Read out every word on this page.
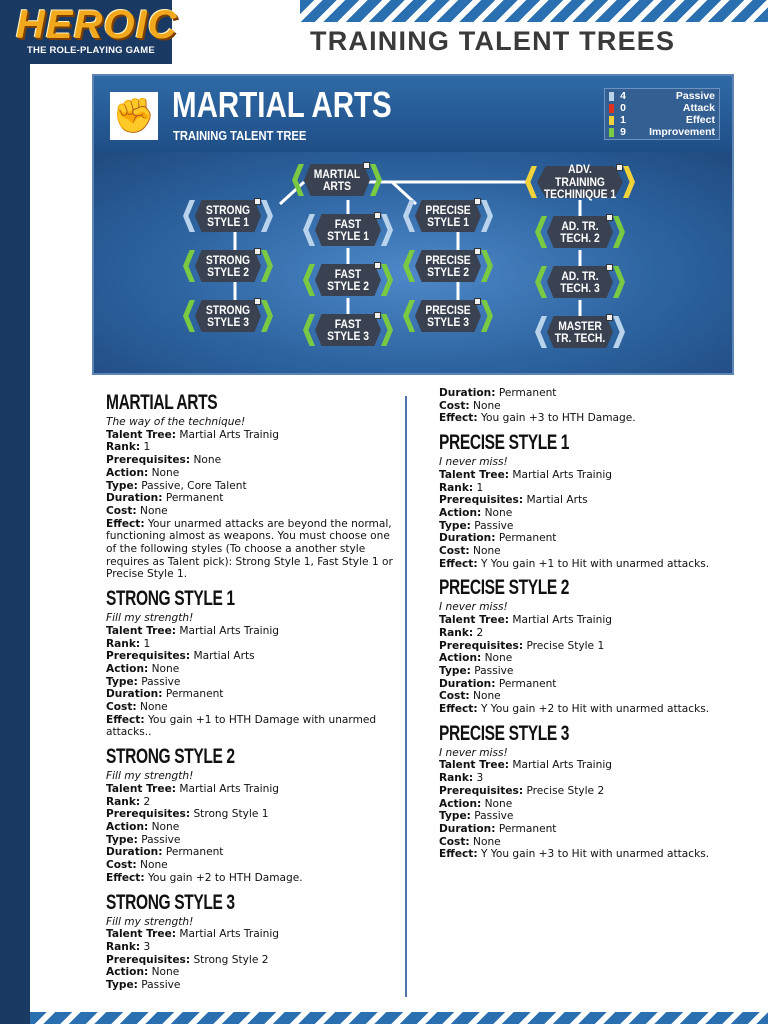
HEROIC
THE ROLE-PLAYING GAME	TRAINING TALENT TREES
✊ MARTIAL ARTS
TRAINING TALENT TREE
4	Passive
0	Attack
1	Effect
9 Improvement
MARTIAL
ARTS
STRONG
STYLE 1
STRONG
STYLE 2
STRONG
STYLE 3
FAST
STYLE 1
FAST
STYLE 2
FAST
STYLE 3
PRECISE
STYLE 1
PRECISE
STYLE 2
PRECISE
STYLE 3
ADV. TRAINING
TECHINIQUE 1
AD. TR.
TECH. 2
AD. TR.
TECH. 3
MASTER
TR. TECH.
MARTIAL ARTS
The way of the technique!
Talent Tree: Martial Arts Trainig
Rank: 1
Prerequisites: None
Action: None
Type: Passive, Core Talent
Duration: Permanent
Cost: None
Effect: Your unarmed attacks are beyond the normal, functioning almost as weapons. You must choose one of the following styles (To choose a another style requires as Talent pick): Strong Style 1, Fast Style 1 or Precise Style 1.
STRONG STYLE 1
Fill my strength!
Talent Tree: Martial Arts Trainig
Rank: 1
Prerequisites: Martial Arts
Action: None
Type: Passive
Duration: Permanent
Cost: None
Effect: You gain +1 to HTH Damage with unarmed attacks..
STRONG STYLE 2
Fill my strength!
Talent Tree: Martial Arts Trainig
Rank: 2
Prerequisites: Strong Style 1
Action: None
Type: Passive
Duration: Permanent
Cost: None
Effect: You gain +2 to HTH Damage.
STRONG STYLE 3
Fill my strength!
Talent Tree: Martial Arts Trainig
Rank: 3
Prerequisites: Strong Style 2
Action: None
Type: Passive
Duration: Permanent
Cost: None
Effect: You gain +3 to HTH Damage.
PRECISE STYLE 1
I never miss!
Talent Tree: Martial Arts Trainig
Rank: 1
Prerequisites: Martial Arts
Action: None
Type: Passive
Duration: Permanent
Cost: None
Effect: Y You gain +1 to Hit with unarmed attacks.
PRECISE STYLE 2
I never miss!
Talent Tree: Martial Arts Trainig
Rank: 2
Prerequisites: Precise Style 1
Action: None
Type: Passive
Duration: Permanent
Cost: None
Effect: Y You gain +2 to Hit with unarmed attacks.
PRECISE STYLE 3
I never miss!
Talent Tree: Martial Arts Trainig
Rank: 3
Prerequisites: Precise Style 2
Action: None
Type: Passive
Duration: Permanent
Cost: None
Effect: Y You gain +3 to Hit with unarmed attacks.
